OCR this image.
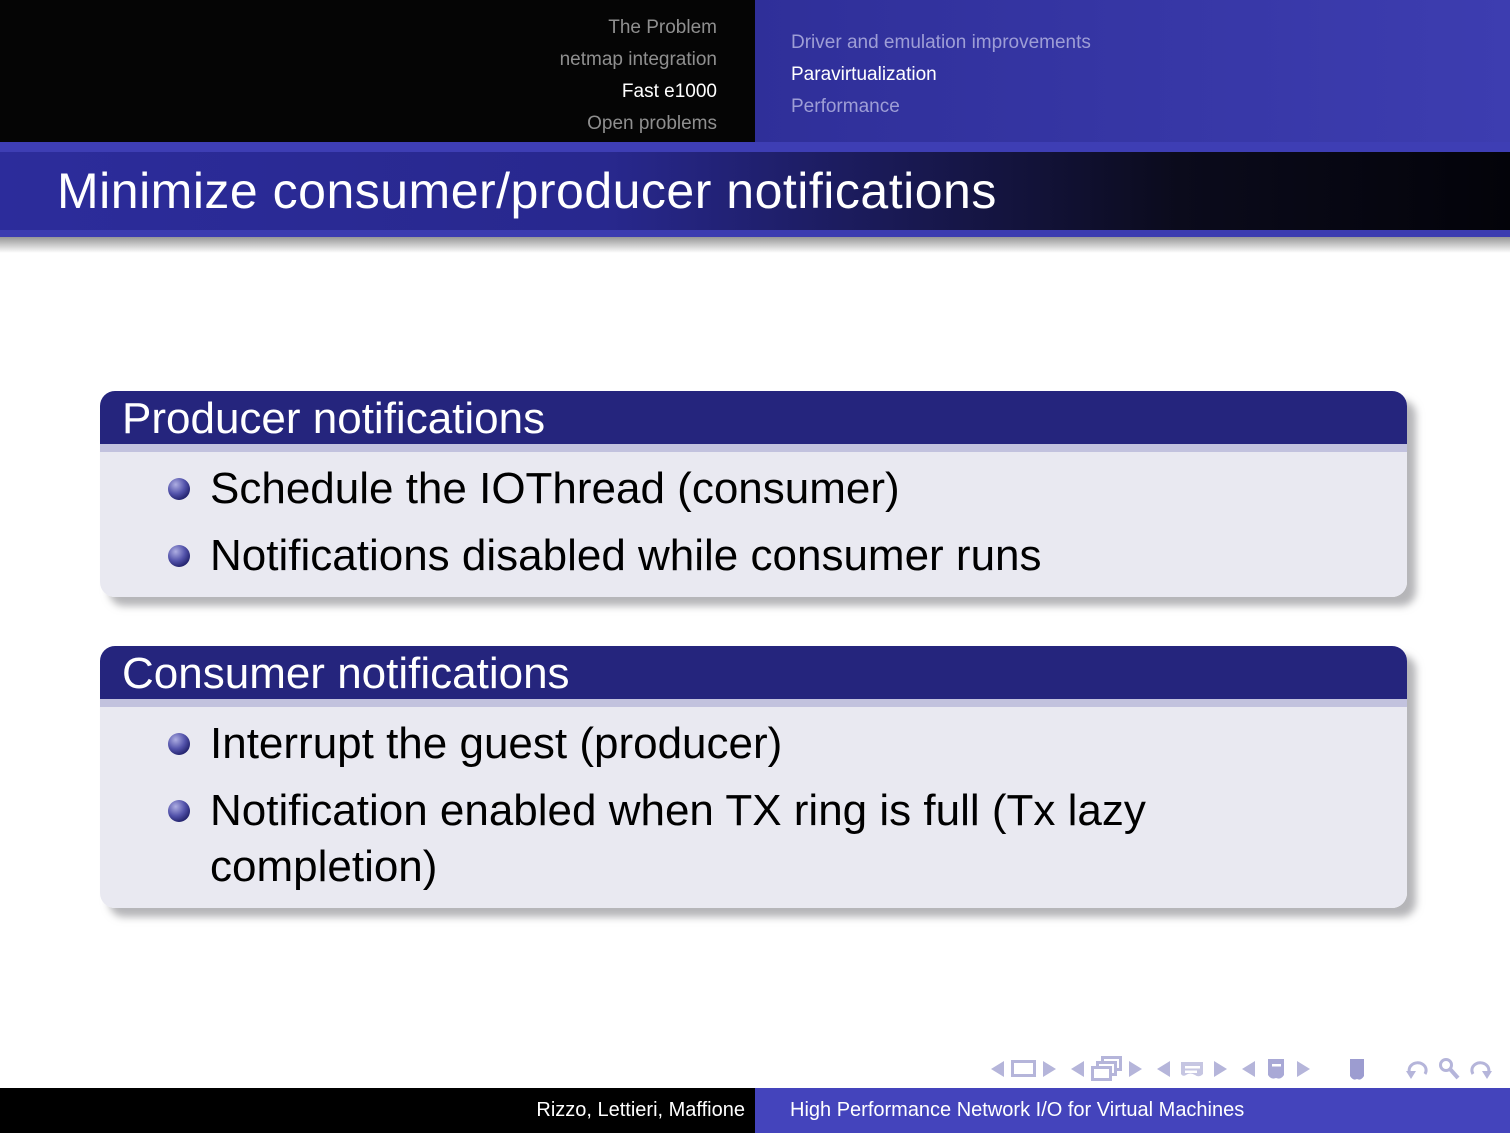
The Problem
netmap integration
Fast e1000
Open problems
Driver and emulation improvements
Paravirtualization
Performance
Minimize consumer/producer notifications
Producer notifications
Schedule the IOThread (consumer)
Notifications disabled while consumer runs
Consumer notifications
Interrupt the guest (producer)
Notification enabled when TX ring is full (Tx lazy completion)
Rizzo, Lettieri, Maffione	High Performance Network I/O for Virtual Machines
